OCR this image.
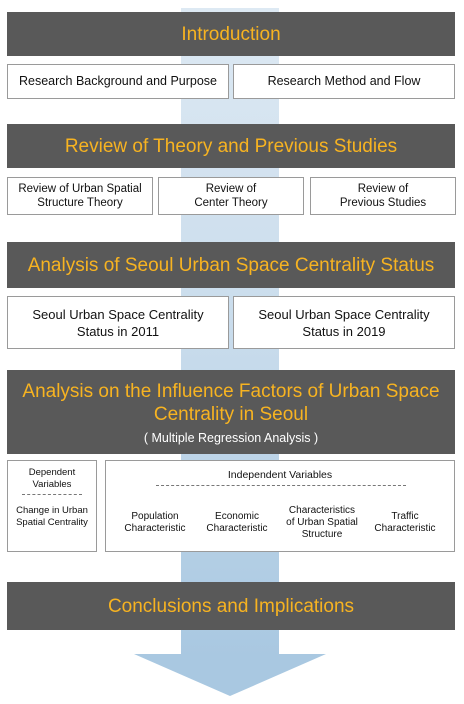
Introduction
Research Background and Purpose	Research Method and Flow
Review of Theory and Previous Studies
Review of Urban Spatial
Structure Theory
Review of
Center Theory
Review of
Previous Studies
Analysis of Seoul Urban Space Centrality Status
Seoul Urban Space Centrality
Status in 2011
Seoul Urban Space Centrality
Status in 2019
Analysis on the Influence Factors of Urban Space
Centrality in Seoul
( Multiple Regression Analysis )
Dependent
Variables
Change in Urban
Spatial Centrality
Independent Variables
Population
Characteristic
Economic
Characteristic
Characteristics
of Urban Spatial
Structure
Traffic
Characteristic
Conclusions and Implications
